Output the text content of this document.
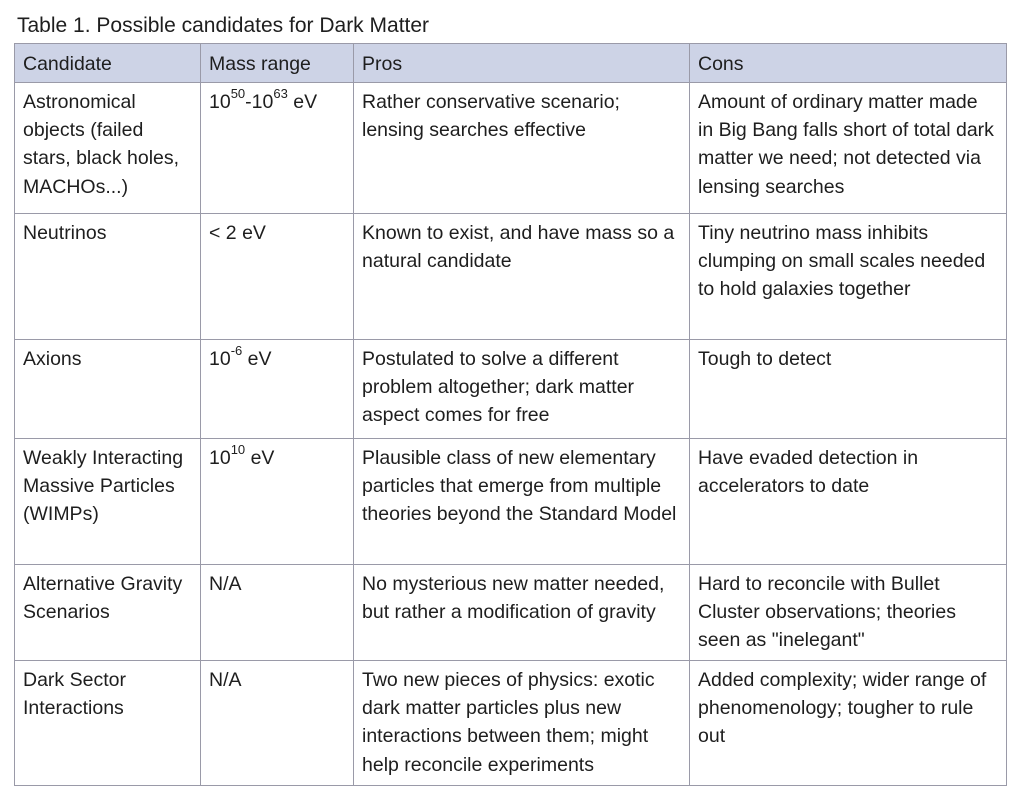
Table 1. Possible candidates for Dark Matter
Candidate	Mass range	Pros	Cons
Astronomical objects (failed stars, black holes, MACHOs...)	$10^{50}-10^{63}$ eV	Rather conservative scenario; lensing searches effective	Amount of ordinary matter made in Big Bang falls short of total dark matter we need; not detected via lensing searches
Neutrinos	< 2 eV	Known to exist, and have mass so a natural candidate	Tiny neutrino mass inhibits clumping on small scales needed to hold galaxies together
Axions	$10^{-6}$ eV	Postulated to solve a different problem altogether; dark matter aspect comes for free	Tough to detect
Weakly Interacting Massive Particles (WIMPs)	$10^{10}$ eV	Plausible class of new elementary particles that emerge from multiple theories beyond the Standard Model	Have evaded detection in accelerators to date
Alternative Gravity Scenarios	N/A	No mysterious new matter needed, but rather a modification of gravity	Hard to reconcile with Bullet Cluster observations; theories seen as "inelegant"
Dark Sector Interactions	N/A	Two new pieces of physics: exotic dark matter particles plus new interactions between them; might help reconcile experiments	Added complexity; wider range of phenomenology; tougher to rule out
